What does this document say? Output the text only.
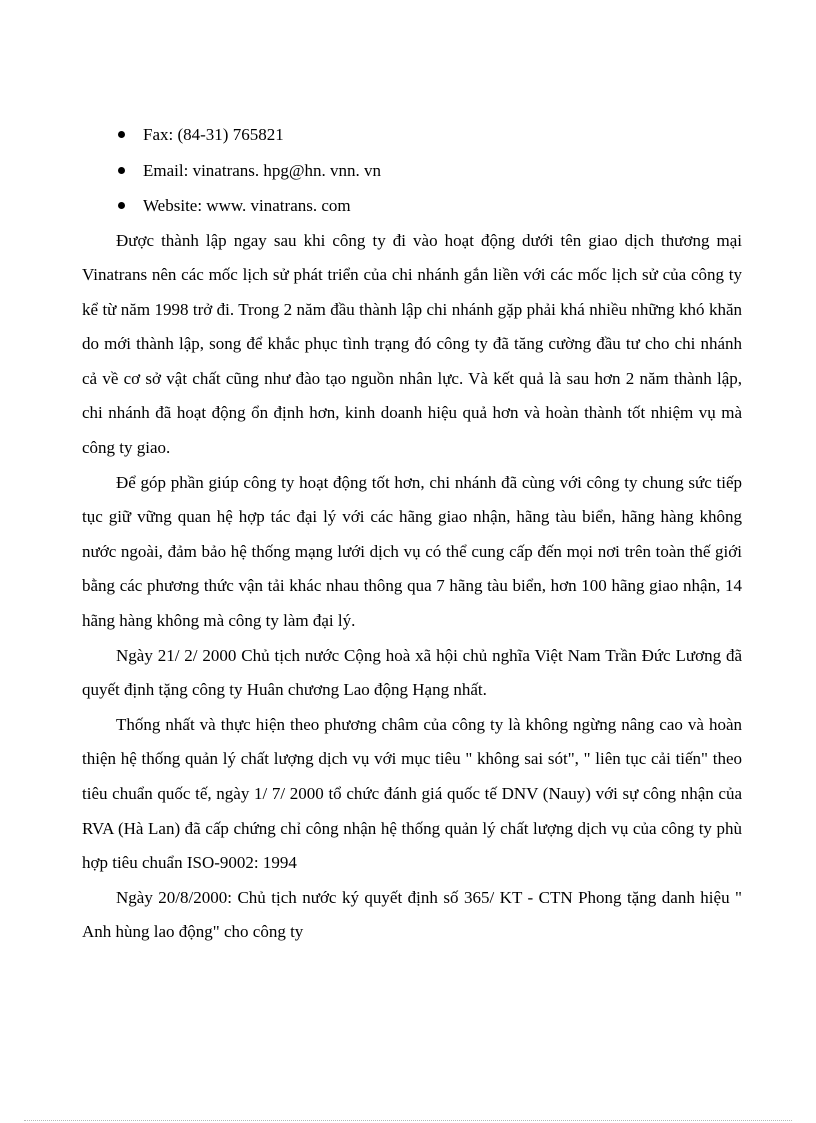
Fax: (84-31) 765821
Email: vinatrans. hpg@hn. vnn. vn
Website: www. vinatrans. com

Được thành lập ngay sau khi công ty đi vào hoạt động dưới tên giao dịch thương mại Vinatrans nên các mốc lịch sử phát triển của chi nhánh gắn liền với các mốc lịch sử của công ty kể từ năm 1998 trở đi. Trong 2 năm đầu thành lập chi nhánh gặp phải khá nhiều những khó khăn do mới thành lập, song để khắc phục tình trạng đó công ty đã tăng cường đầu tư cho chi nhánh cả về cơ sở vật chất cũng như đào tạo nguồn nhân lực. Và kết quả là sau hơn 2 năm thành lập, chi nhánh đã hoạt động ổn định hơn, kinh doanh hiệu quả hơn và hoàn thành tốt nhiệm vụ mà công ty giao.

Để góp phần giúp công ty hoạt động tốt hơn, chi nhánh đã cùng với công ty chung sức tiếp tục giữ vững quan hệ hợp tác đại lý với các hãng giao nhận, hãng tàu biển, hãng hàng không nước ngoài, đảm bảo hệ thống mạng lưới dịch vụ có thể cung cấp đến mọi nơi trên toàn thế giới bằng các phương thức vận tải khác nhau thông qua 7 hãng tàu biển, hơn 100 hãng giao nhận, 14 hãng hàng không mà công ty làm đại lý.

Ngày 21/ 2/ 2000 Chủ tịch nước Cộng hoà xã hội chủ nghĩa Việt Nam Trần Đức Lương đã quyết định tặng công ty Huân chương Lao động Hạng nhất.

Thống nhất và thực hiện theo phương châm của công ty là không ngừng nâng cao và hoàn thiện hệ thống quản lý chất lượng dịch vụ với mục tiêu " không sai sót", " liên tục cải tiến" theo tiêu chuẩn quốc tế, ngày 1/ 7/ 2000 tổ chức đánh giá quốc tế DNV (Nauy) với sự công nhận của RVA (Hà Lan) đã cấp chứng chỉ công nhận hệ thống quản lý chất lượng dịch vụ của công ty phù hợp tiêu chuẩn ISO-9002: 1994

Ngày 20/8/2000: Chủ tịch nước ký quyết định số 365/ KT - CTN Phong tặng danh hiệu " Anh hùng lao động" cho công ty
